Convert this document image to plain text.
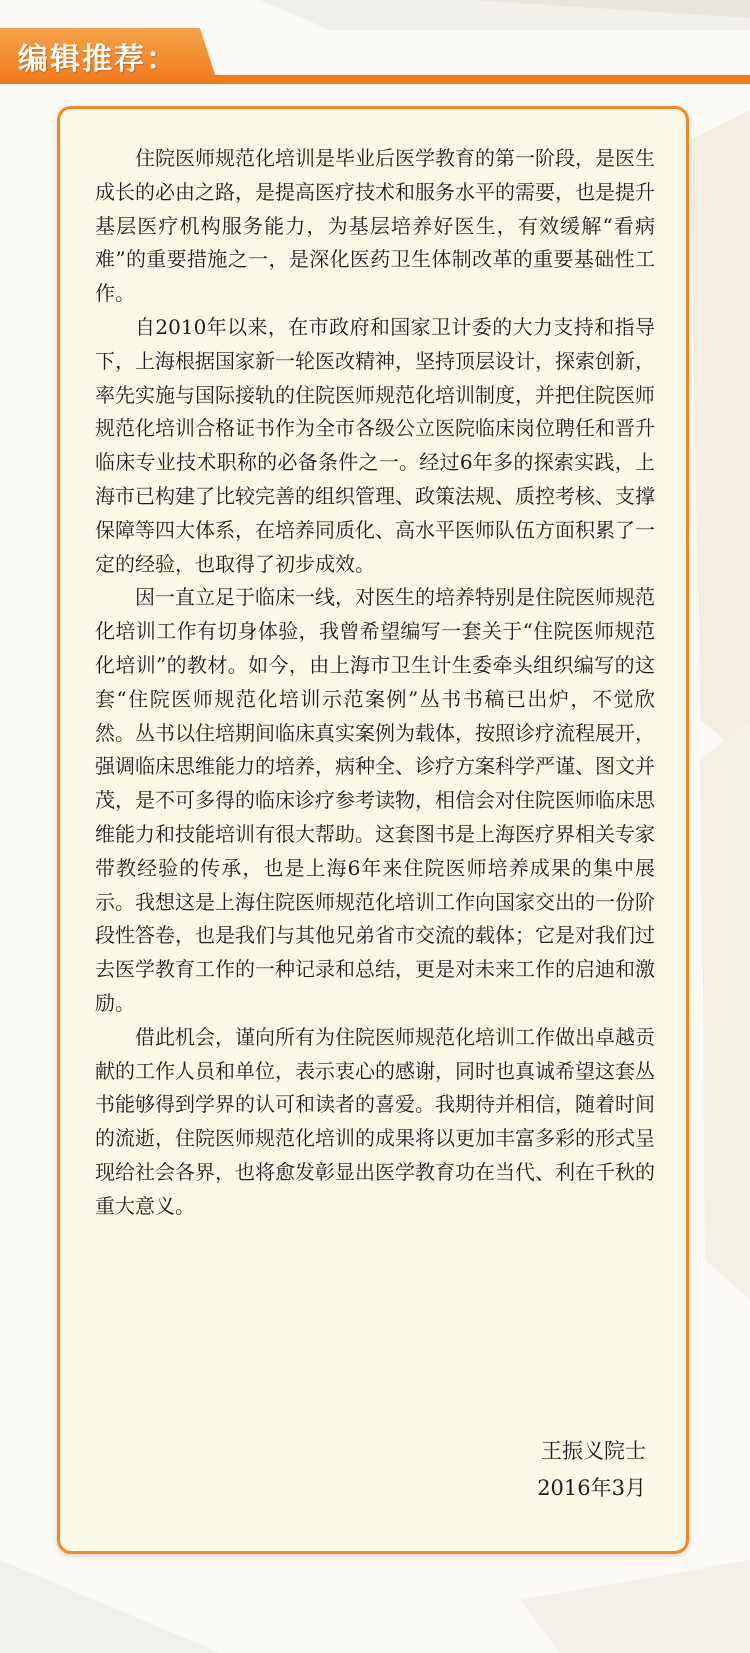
编辑推荐：

住院医师规范化培训是毕业后医学教育的第一阶段，是医生成长的必由之路，是提高医疗技术和服务水平的需要，也是提升基层医疗机构服务能力，为基层培养好医生，有效缓解“看病难”的重要措施之一，是深化医药卫生体制改革的重要基础性工作。

自2010年以来，在市政府和国家卫计委的大力支持和指导下，上海根据国家新一轮医改精神，坚持顶层设计，探索创新，率先实施与国际接轨的住院医师规范化培训制度，并把住院医师规范化培训合格证书作为全市各级公立医院临床岗位聘任和晋升临床专业技术职称的必备条件之一。经过6年多的探索实践，上海市已构建了比较完善的组织管理、政策法规、质控考核、支撑保障等四大体系，在培养同质化、高水平医师队伍方面积累了一定的经验，也取得了初步成效。

因一直立足于临床一线，对医生的培养特别是住院医师规范化培训工作有切身体验，我曾希望编写一套关于“住院医师规范化培训”的教材。如今，由上海市卫生计生委牵头组织编写的这套“住院医师规范化培训示范案例”丛书书稿已出炉，不觉欣然。丛书以住培期间临床真实案例为载体，按照诊疗流程展开，强调临床思维能力的培养，病种全、诊疗方案科学严谨、图文并茂，是不可多得的临床诊疗参考读物，相信会对住院医师临床思维能力和技能培训有很大帮助。这套图书是上海医疗界相关专家带教经验的传承，也是上海6年来住院医师培养成果的集中展示。我想这是上海住院医师规范化培训工作向国家交出的一份阶段性答卷，也是我们与其他兄弟省市交流的载体；它是对我们过去医学教育工作的一种记录和总结，更是对未来工作的启迪和激励。

借此机会，谨向所有为住院医师规范化培训工作做出卓越贡献的工作人员和单位，表示衷心的感谢，同时也真诚希望这套丛书能够得到学界的认可和读者的喜爱。我期待并相信，随着时间的流逝，住院医师规范化培训的成果将以更加丰富多彩的形式呈现给社会各界，也将愈发彰显出医学教育功在当代、利在千秋的重大意义。

王振义院士
2016年3月
